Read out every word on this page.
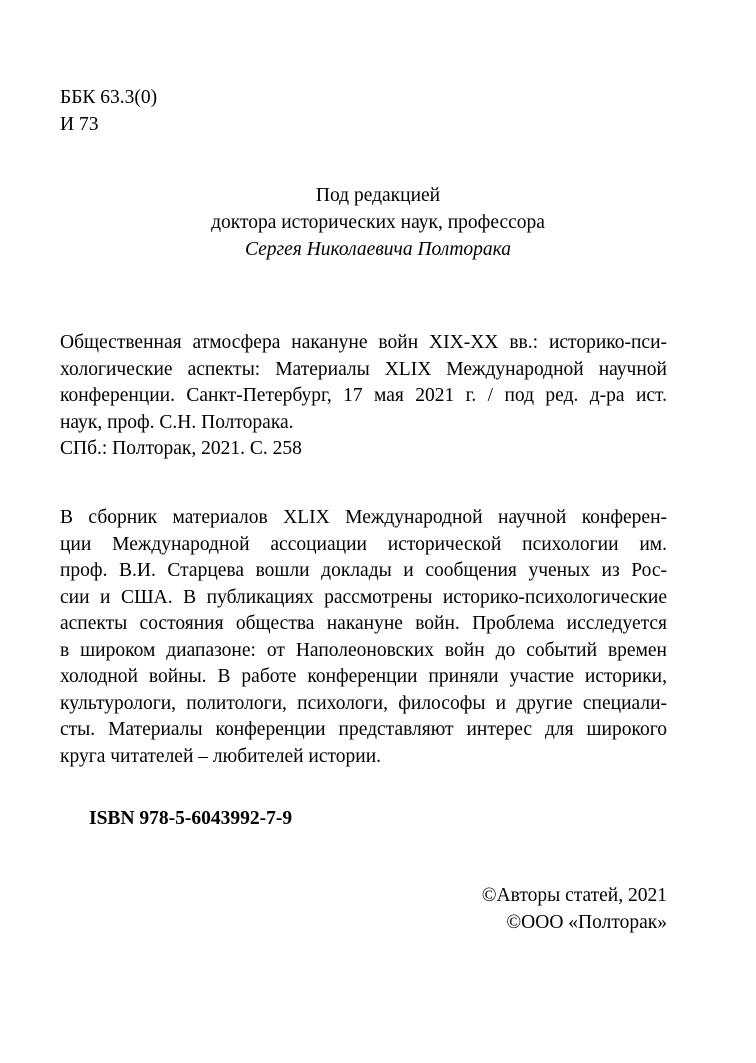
ББК 63.3(0)
И 73
Под редакцией
доктора исторических наук, профессора
Сергея Николаевича Полторака
Общественная атмосфера накануне войн XIX-XX вв.: историко-пси-
хологические аспекты: Материалы XLIX Международной научной
конференции. Санкт-Петербург, 17 мая 2021 г. / под ред. д-ра ист.
наук, проф. С.Н. Полторака.
СПб.: Полторак, 2021. С. 258
В сборник материалов XLIX Международной научной конферен-
ции Международной ассоциации исторической психологии им.
проф. В.И. Старцева вошли доклады и сообщения ученых из Рос-
сии и США. В публикациях рассмотрены историко-психологические
аспекты состояния общества накануне войн. Проблема исследуется
в широком диапазоне: от Наполеоновских войн до событий времен
холодной войны. В работе конференции приняли участие историки,
культурологи, политологи, психологи, философы и другие специали-
сты. Материалы конференции представляют интерес для широкого
круга читателей – любителей истории.
ISBN 978-5-6043992-7-9
©Авторы статей, 2021
©ООО «Полторак»
